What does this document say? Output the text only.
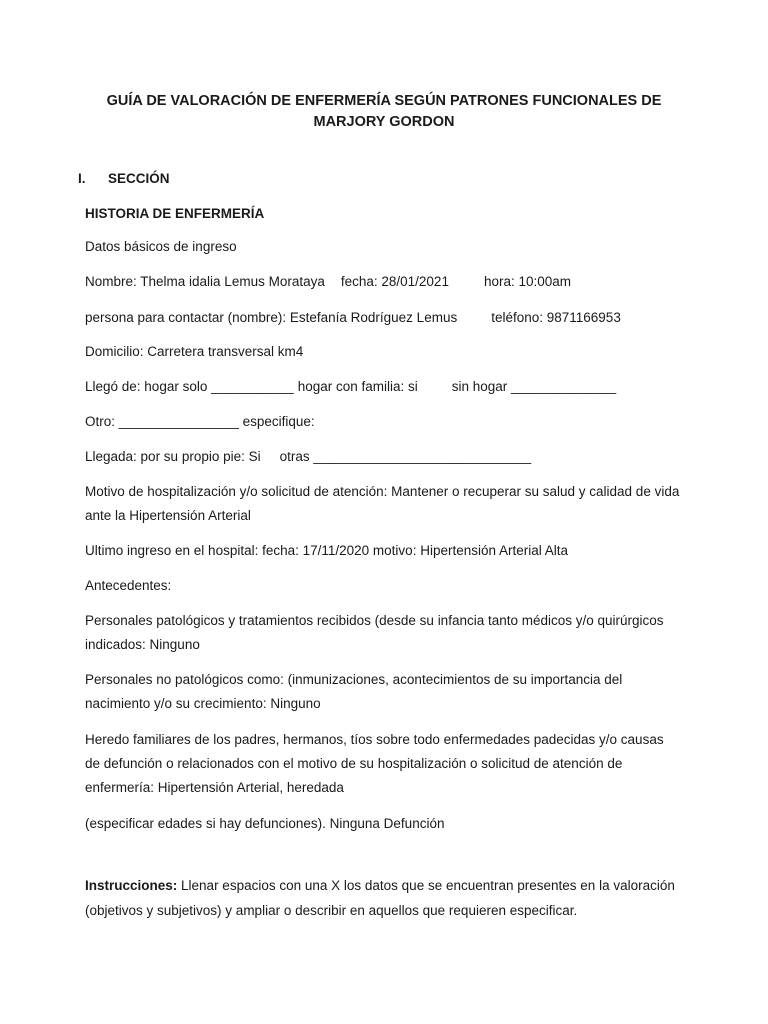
GUÍA DE VALORACIÓN DE ENFERMERÍA SEGÚN PATRONES FUNCIONALES DE
MARJORY GORDON
I. SECCIÓN
HISTORIA DE ENFERMERÍA
Datos básicos de ingreso
Nombre: Thelma idalia Lemus Morataya fecha: 28/01/2021	hora: 10:00am
persona para contactar (nombre): Estefanía Rodríguez Lemus	teléfono: 9871166953
Domicilio: Carretera transversal km4
Llegó de: hogar solo ___________ hogar con familia: si	sin hogar ______________
Otro: ________________ especifique:
Llegada: por su propio pie: Si otras _____________________________
Motivo de hospitalización y/o solicitud de atención: Mantener o recuperar su salud y calidad de vida
ante la Hipertensión Arterial
Ultimo ingreso en el hospital: fecha: 17/11/2020 motivo: Hipertensión Arterial Alta
Antecedentes:
Personales patológicos y tratamientos recibidos (desde su infancia tanto médicos y/o quirúrgicos
indicados: Ninguno
Personales no patológicos como: (inmunizaciones, acontecimientos de su importancia del
nacimiento y/o su crecimiento: Ninguno
Heredo familiares de los padres, hermanos, tíos sobre todo enfermedades padecidas y/o causas
de defunción o relacionados con el motivo de su hospitalización o solicitud de atención de
enfermería: Hipertensión Arterial, heredada
(especificar edades si hay defunciones). Ninguna Defunción
Instrucciones: Llenar espacios con una X los datos que se encuentran presentes en la valoración
(objetivos y subjetivos) y ampliar o describir en aquellos que requieren especificar.
